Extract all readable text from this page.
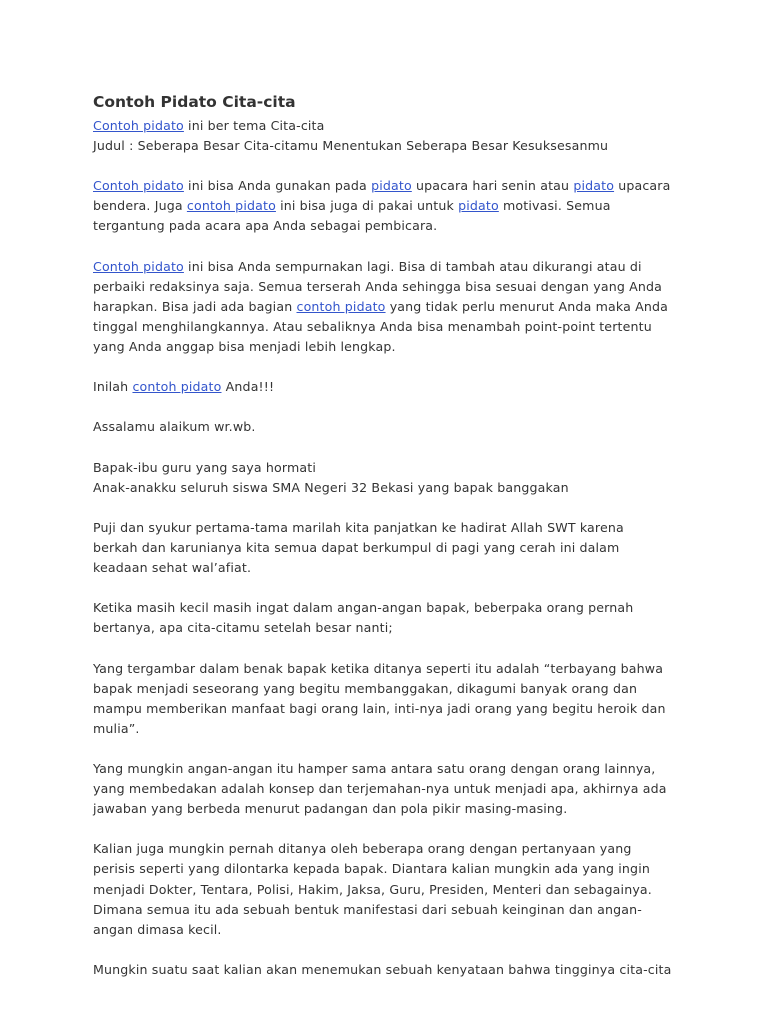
Contoh Pidato Cita-cita
Contoh pidato ini ber tema Cita-cita
Judul : Seberapa Besar Cita-citamu Menentukan Seberapa Besar Kesuksesanmu
Contoh pidato ini bisa Anda gunakan pada pidato upacara hari senin atau pidato upacara
bendera. Juga contoh pidato ini bisa juga di pakai untuk pidato motivasi. Semua
tergantung pada acara apa Anda sebagai pembicara.
Contoh pidato ini bisa Anda sempurnakan lagi. Bisa di tambah atau dikurangi atau di
perbaiki redaksinya saja. Semua terserah Anda sehingga bisa sesuai dengan yang Anda
harapkan. Bisa jadi ada bagian contoh pidato yang tidak perlu menurut Anda maka Anda
tinggal menghilangkannya. Atau sebaliknya Anda bisa menambah point-point tertentu
yang Anda anggap bisa menjadi lebih lengkap.
Inilah contoh pidato Anda!!!
Assalamu alaikum wr.wb.
Bapak-ibu guru yang saya hormati
Anak-anakku seluruh siswa SMA Negeri 32 Bekasi yang bapak banggakan
Puji dan syukur pertama-tama marilah kita panjatkan ke hadirat Allah SWT karena
berkah dan karunianya kita semua dapat berkumpul di pagi yang cerah ini dalam
keadaan sehat wal’afiat.
Ketika masih kecil masih ingat dalam angan-angan bapak, beberpaka orang pernah
bertanya, apa cita-citamu setelah besar nanti;
Yang tergambar dalam benak bapak ketika ditanya seperti itu adalah “terbayang bahwa
bapak menjadi seseorang yang begitu membanggakan, dikagumi banyak orang dan
mampu memberikan manfaat bagi orang lain, inti-nya jadi orang yang begitu heroik dan
mulia”.
Yang mungkin angan-angan itu hamper sama antara satu orang dengan orang lainnya,
yang membedakan adalah konsep dan terjemahan-nya untuk menjadi apa, akhirnya ada
jawaban yang berbeda menurut padangan dan pola pikir masing-masing.
Kalian juga mungkin pernah ditanya oleh beberapa orang dengan pertanyaan yang
perisis seperti yang dilontarka kepada bapak. Diantara kalian mungkin ada yang ingin
menjadi Dokter, Tentara, Polisi, Hakim, Jaksa, Guru, Presiden, Menteri dan sebagainya.
Dimana semua itu ada sebuah bentuk manifestasi dari sebuah keinginan dan angan-
angan dimasa kecil.
Mungkin suatu saat kalian akan menemukan sebuah kenyataan bahwa tingginya cita-cita
